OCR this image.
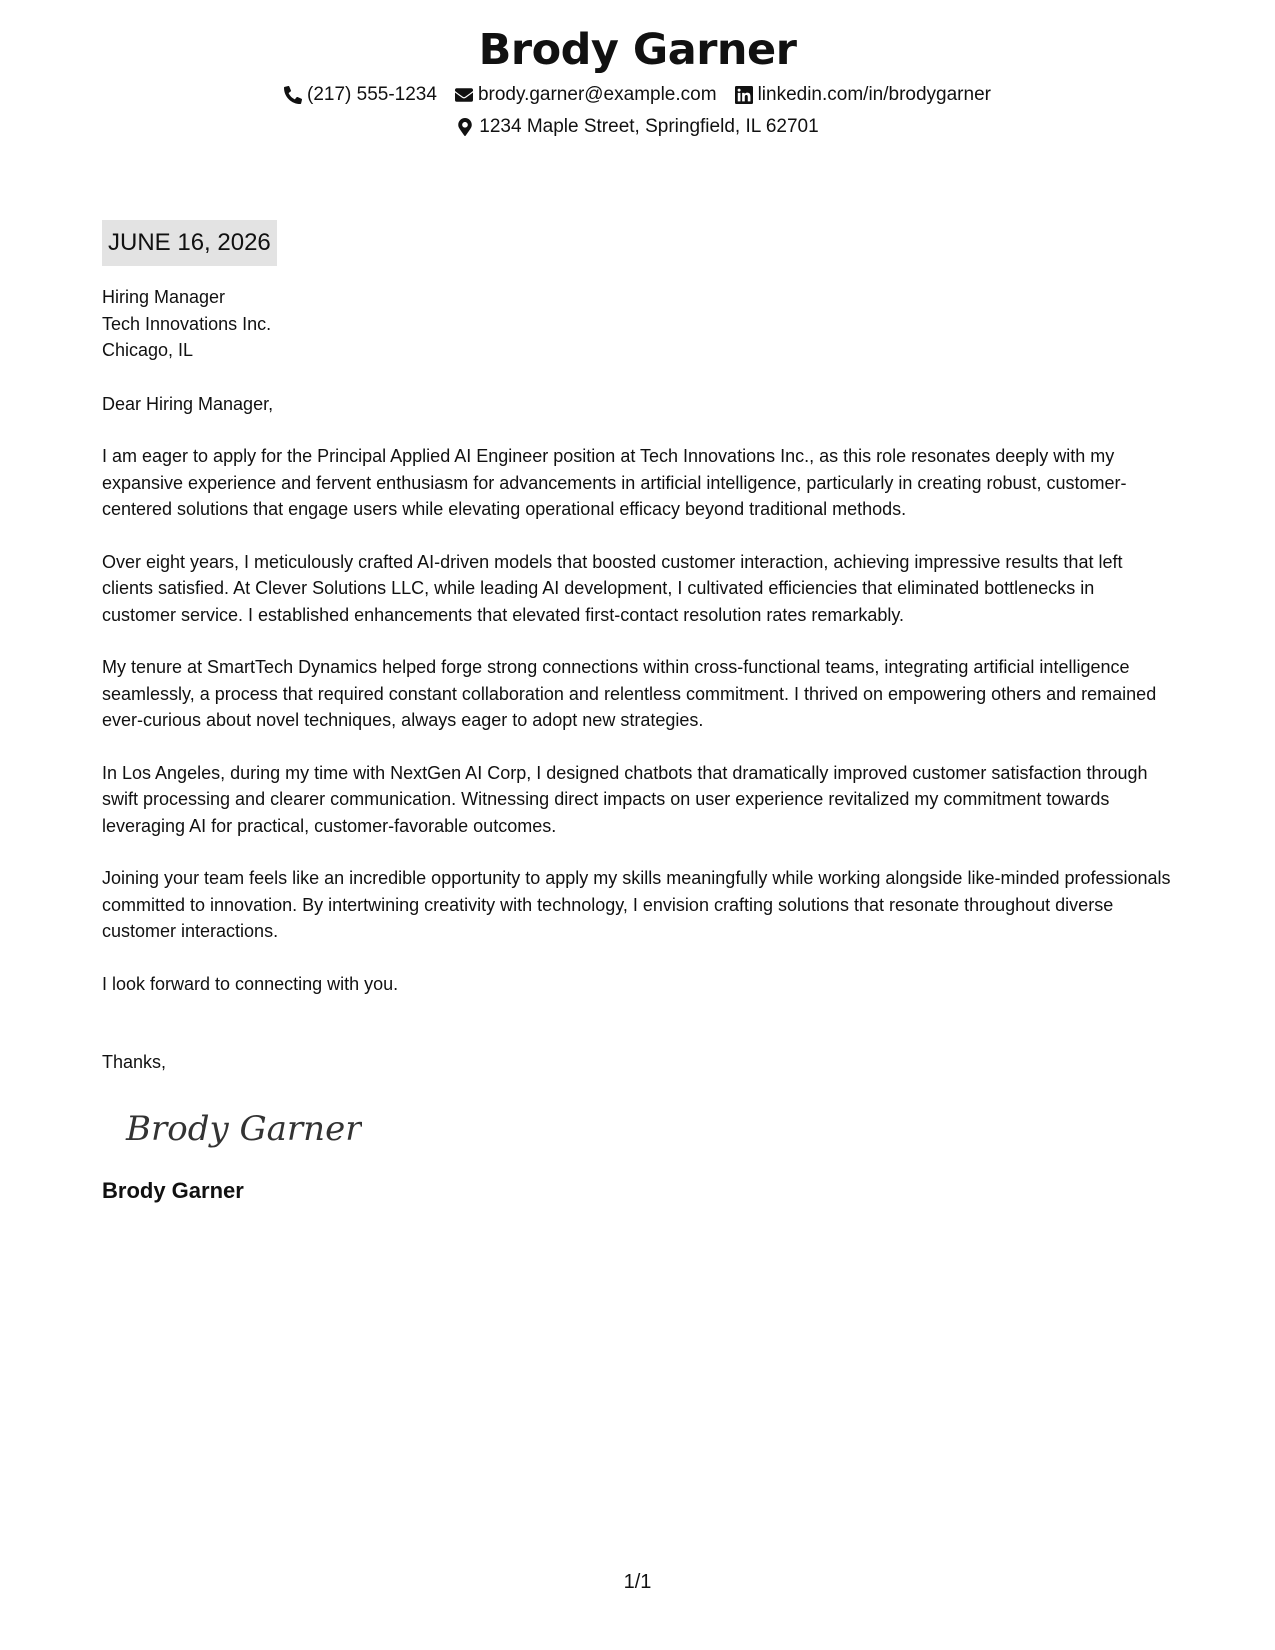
Brody Garner
(217) 555-1234 brody.garner@example.com linkedin.com/in/brodygarner
1234 Maple Street, Springfield, IL 62701
JUNE 16, 2026
Hiring Manager
Tech Innovations Inc.
Chicago, IL
Dear Hiring Manager,
I am eager to apply for the Principal Applied AI Engineer position at Tech Innovations Inc., as this role resonates deeply with my expansive experience and fervent enthusiasm for advancements in artificial intelligence, particularly in creating robust, customer-centered solutions that engage users while elevating operational efficacy beyond traditional methods.
Over eight years, I meticulously crafted AI-driven models that boosted customer interaction, achieving impressive results that left clients satisfied. At Clever Solutions LLC, while leading AI development, I cultivated efficiencies that eliminated bottlenecks in customer service. I established enhancements that elevated first-contact resolution rates remarkably.
My tenure at SmartTech Dynamics helped forge strong connections within cross-functional teams, integrating artificial intelligence seamlessly, a process that required constant collaboration and relentless commitment. I thrived on empowering others and remained ever-curious about novel techniques, always eager to adopt new strategies.
In Los Angeles, during my time with NextGen AI Corp, I designed chatbots that dramatically improved customer satisfaction through swift processing and clearer communication. Witnessing direct impacts on user experience revitalized my commitment towards leveraging AI for practical, customer-favorable outcomes.
Joining your team feels like an incredible opportunity to apply my skills meaningfully while working alongside like-minded professionals committed to innovation. By intertwining creativity with technology, I envision crafting solutions that resonate throughout diverse customer interactions.
I look forward to connecting with you.
Thanks,
Brody Garner
Brody Garner
1/1
